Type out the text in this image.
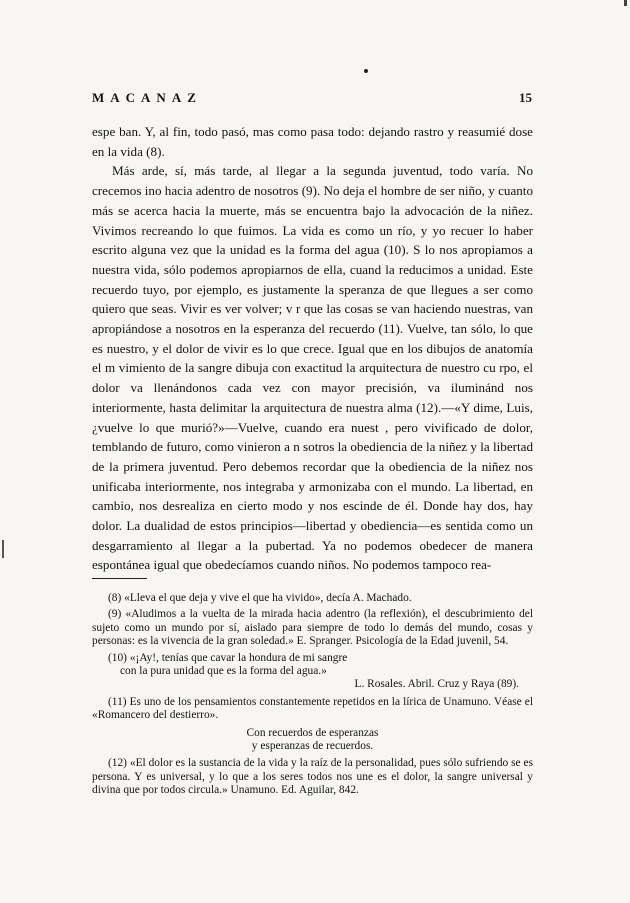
MACANAZ	15

espe ban. Y, al fin, todo pasó, mas como pasa todo: dejando rastro y reasumié dose en la vida (8).

Más arde, sí, más tarde, al llegar a la segunda juventud, todo varía. No crecemos ino hacia adentro de nosotros (9). No deja el hombre de ser niño, y cuanto más se acerca hacia la muerte, más se encuentra bajo la advocación de la niñez. Vivimos recreando lo que fuimos. La vida es como un río, y yo recuer lo haber escrito alguna vez que la unidad es la forma del agua (10). S lo nos apropiamos a nuestra vida, sólo podemos apropiarnos de ella, cuand la reducimos a unidad. Este recuerdo tuyo, por ejemplo, es justamente la speranza de que llegues a ser como quiero que seas. Vivir es ver volver; v r que las cosas se van haciendo nuestras, van apropiándose a nosotros en la esperanza del recuerdo (11). Vuelve, tan sólo, lo que es nuestro, y el dolor de vivir es lo que crece. Igual que en los dibujos de anatomía el m vimiento de la sangre dibuja con exactitud la arquitectura de nuestro cu rpo, el dolor va llenándonos cada vez con mayor precisión, va iluminánd nos interiormente, hasta delimitar la arquitectura de nuestra alma (12).—«Y dime, Luis, ¿vuelve lo que murió?»—Vuelve, cuando era nuest , pero vivificado de dolor, temblando de futuro, como vinieron a n sotros la obediencia de la niñez y la libertad de la primera juventud. Pero debemos recordar que la obediencia de la niñez nos unificaba interiormente, nos integraba y armonizaba con el mundo. La libertad, en cambio, nos desrealiza en cierto modo y nos escinde de él. Donde hay dos, hay dolor. La dualidad de estos principios—libertad y obediencia—es sentida como un desgarramiento al llegar a la pubertad. Ya no podemos obedecer de manera espontánea igual que obedecíamos cuando niños. No podemos tampoco rea-

(8) «Lleva el que deja y vive el que ha vivido», decía A. Machado.

(9) «Aludimos a la vuelta de la mirada hacia adentro (la reflexión), el descubrimiento del sujeto como un mundo por sí, aislado para siempre de todo lo demás del mundo, cosas y personas: es la vivencia de la gran soledad.» E. Spranger. Psicología de la Edad juvenil, 54.

(10) «¡Ay!, tenías que cavar la hondura de mi sangre
con la pura unidad que es la forma del agua.»
L. Rosales. Abril. Cruz y Raya (89).

(11) Es uno de los pensamientos constantemente repetidos en la lírica de Unamuno. Véase el «Romancero del destierro».

Con recuerdos de esperanzas
y esperanzas de recuerdos.

(12) «El dolor es la sustancia de la vida y la raíz de la personalidad, pues sólo sufriendo se es persona. Y es universal, y lo que a los seres todos nos une es el dolor, la sangre universal y divina que por todos circula.» Unamuno. Ed. Aguilar, 842.
